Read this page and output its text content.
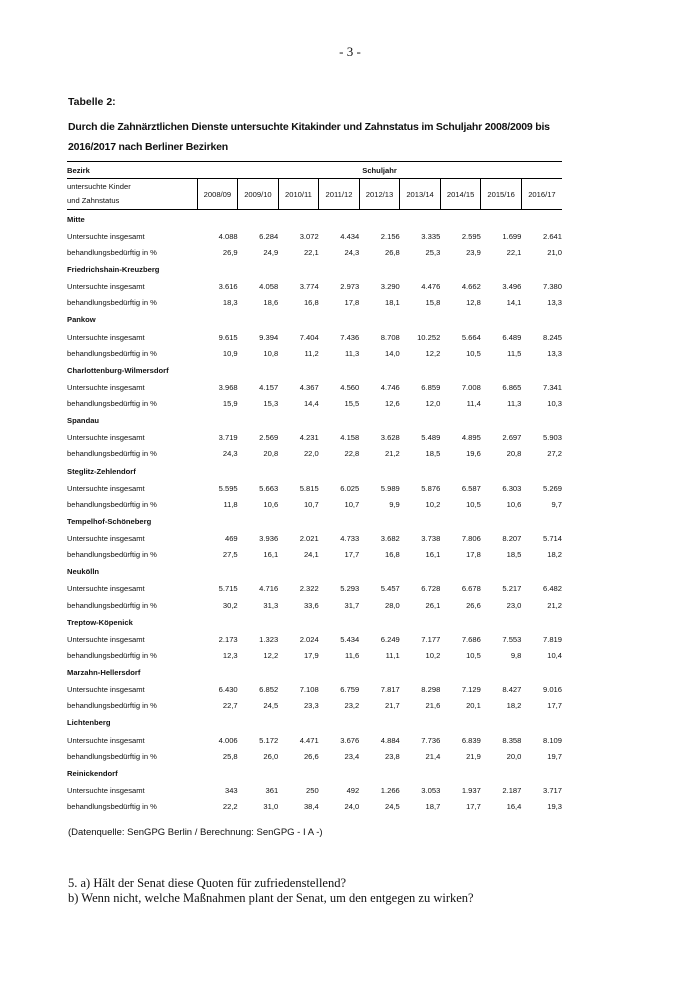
- 3 -
Tabelle 2:
Durch die Zahnärztlichen Dienste untersuchte Kitakinder und Zahnstatus im Schuljahr 2008/2009 bis 2016/2017 nach Berliner Bezirken
Bezirk	Schuljahr								

untersuchte Kinder
und Zahnstatus	2008/09	2009/10	2010/11	2011/12	2012/13	2013/14	2014/15	2015/16	2016/17
Mitte									
Untersuchte insgesamt	4.088	6.284	3.072	4.434	2.156	3.335	2.595	1.699	2.641
behandlungsbedürftig in %	26,9	24,9	22,1	24,3	26,8	25,3	23,9	22,1	21,0
Friedrichshain-Kreuzberg									
Untersuchte insgesamt	3.616	4.058	3.774	2.973	3.290	4.476	4.662	3.496	7.380
behandlungsbedürftig in %	18,3	18,6	16,8	17,8	18,1	15,8	12,8	14,1	13,3
Pankow									
Untersuchte insgesamt	9.615	9.394	7.404	7.436	8.708	10.252	5.664	6.489	8.245
behandlungsbedürftig in %	10,9	10,8	11,2	11,3	14,0	12,2	10,5	11,5	13,3
Charlottenburg-Wilmersdorf									
Untersuchte insgesamt	3.968	4.157	4.367	4.560	4.746	6.859	7.008	6.865	7.341
behandlungsbedürftig in %	15,9	15,3	14,4	15,5	12,6	12,0	11,4	11,3	10,3
Spandau									
Untersuchte insgesamt	3.719	2.569	4.231	4.158	3.628	5.489	4.895	2.697	5.903
behandlungsbedürftig in %	24,3	20,8	22,0	22,8	21,2	18,5	19,6	20,8	27,2
Steglitz-Zehlendorf									
Untersuchte insgesamt	5.595	5.663	5.815	6.025	5.989	5.876	6.587	6.303	5.269
behandlungsbedürftig in %	11,8	10,6	10,7	10,7	9,9	10,2	10,5	10,6	9,7
Tempelhof-Schöneberg									
Untersuchte insgesamt	469	3.936	2.021	4.733	3.682	3.738	7.806	8.207	5.714
behandlungsbedürftig in %	27,5	16,1	24,1	17,7	16,8	16,1	17,8	18,5	18,2
Neukölln									
Untersuchte insgesamt	5.715	4.716	2.322	5.293	5.457	6.728	6.678	5.217	6.482
behandlungsbedürftig in %	30,2	31,3	33,6	31,7	28,0	26,1	26,6	23,0	21,2
Treptow-Köpenick									
Untersuchte insgesamt	2.173	1.323	2.024	5.434	6.249	7.177	7.686	7.553	7.819
behandlungsbedürftig in %	12,3	12,2	17,9	11,6	11,1	10,2	10,5	9,8	10,4
Marzahn-Hellersdorf									
Untersuchte insgesamt	6.430	6.852	7.108	6.759	7.817	8.298	7.129	8.427	9.016
behandlungsbedürftig in %	22,7	24,5	23,3	23,2	21,7	21,6	20,1	18,2	17,7
Lichtenberg									
Untersuchte insgesamt	4.006	5.172	4.471	3.676	4.884	7.736	6.839	8.358	8.109
behandlungsbedürftig in %	25,8	26,0	26,6	23,4	23,8	21,4	21,9	20,0	19,7
Reinickendorf									
Untersuchte insgesamt	343	361	250	492	1.266	3.053	1.937	2.187	3.717
behandlungsbedürftig in %	22,2	31,0	38,4	24,0	24,5	18,7	17,7	16,4	19,3
(Datenquelle: SenGPG Berlin / Berechnung: SenGPG - I A -)
5. a) Hält der Senat diese Quoten für zufriedenstellend?
b) Wenn nicht, welche Maßnahmen plant der Senat, um den entgegen zu wirken?
